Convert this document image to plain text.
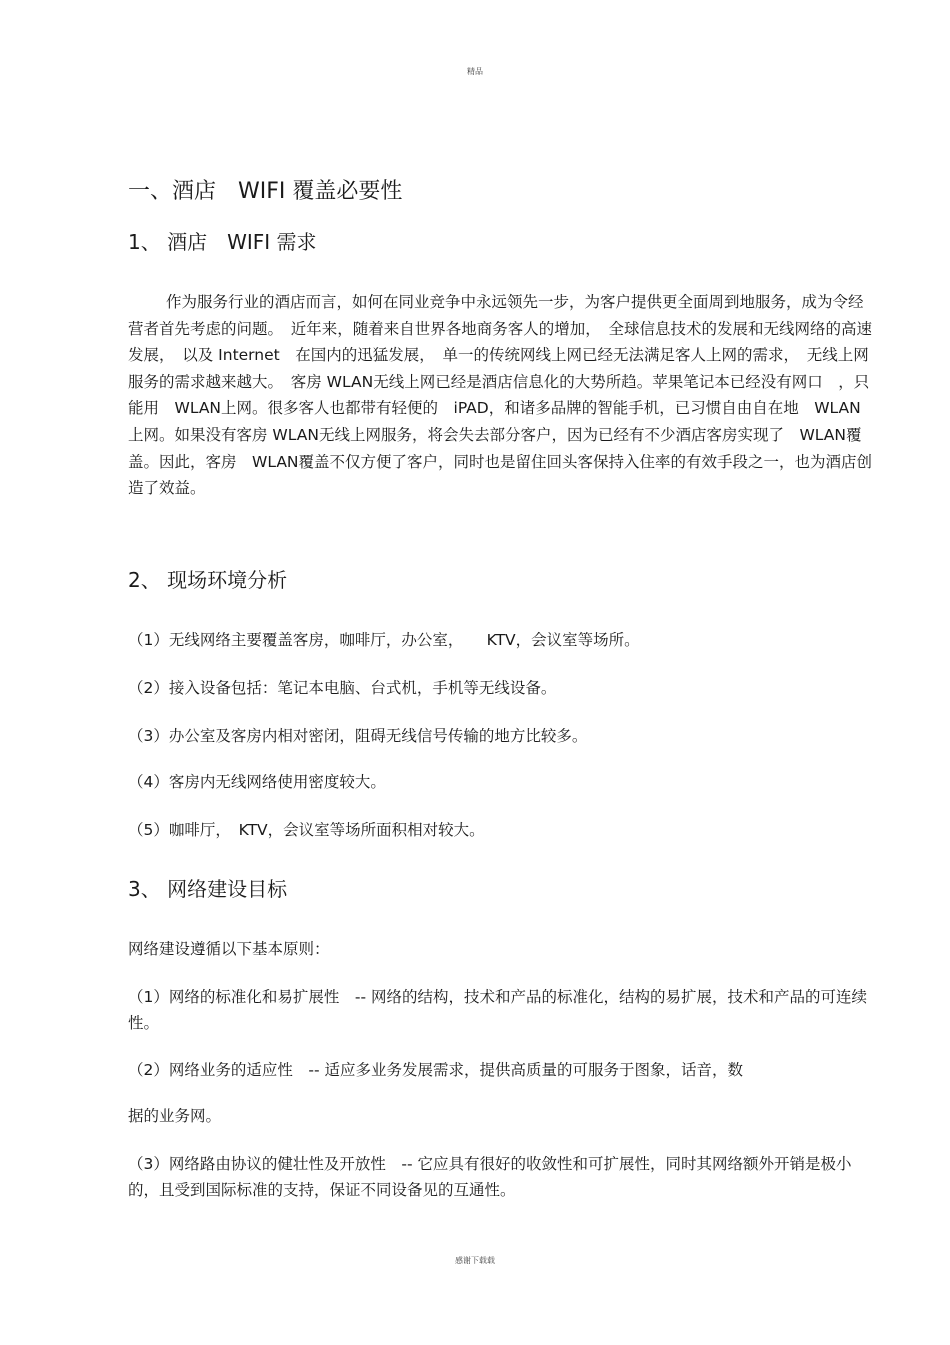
精品
一、酒店　WIFI 覆盖必要性
1、 酒店　WIFI 需求
作为服务行业的酒店而言，如何在同业竞争中永远领先一步，为客户提供更全面周到地服务，成为令经营者首先考虑的问题。　近年来，随着来自世界各地商务客人的增加，　全球信息技术的发展和无线网络的高速发展，　以及 Internet　在国内的迅猛发展，　单一的传统网线上网已经无法满足客人上网的需求，　无线上网服务的需求越来越大。　客房 WLAN无线上网已经是酒店信息化的大势所趋。苹果笔记本已经没有网口　，只能用　WLAN上网。很多客人也都带有轻便的　iPAD，和诸多品牌的智能手机，已习惯自由自在地　WLAN上网。如果没有客房 WLAN无线上网服务，将会失去部分客户，因为已经有不少酒店客房实现了　WLAN覆盖。因此，客房　WLAN覆盖不仅方便了客户，同时也是留住回头客保持入住率的有效手段之一，也为酒店创造了效益。
2、 现场环境分析
（1）无线网络主要覆盖客房，咖啡厅，办公室，　　KTV，会议室等场所。
（2）接入设备包括：笔记本电脑、台式机，手机等无线设备。
（3）办公室及客房内相对密闭，阻碍无线信号传输的地方比较多。
（4）客房内无线网络使用密度较大。
（5）咖啡厅，　KTV，会议室等场所面积相对较大。
3、 网络建设目标
网络建设遵循以下基本原则：
（1）网络的标准化和易扩展性　-- 网络的结构，技术和产品的标准化，结构的易扩展，技术和产品的可连续性。
（2）网络业务的适应性　-- 适应多业务发展需求，提供高质量的可服务于图象，话音，数
据的业务网。
（3）网络路由协议的健壮性及开放性　-- 它应具有很好的收敛性和可扩展性，同时其网络额外开销是极小的，且受到国际标准的支持，保证不同设备见的互通性。
感谢下载载
